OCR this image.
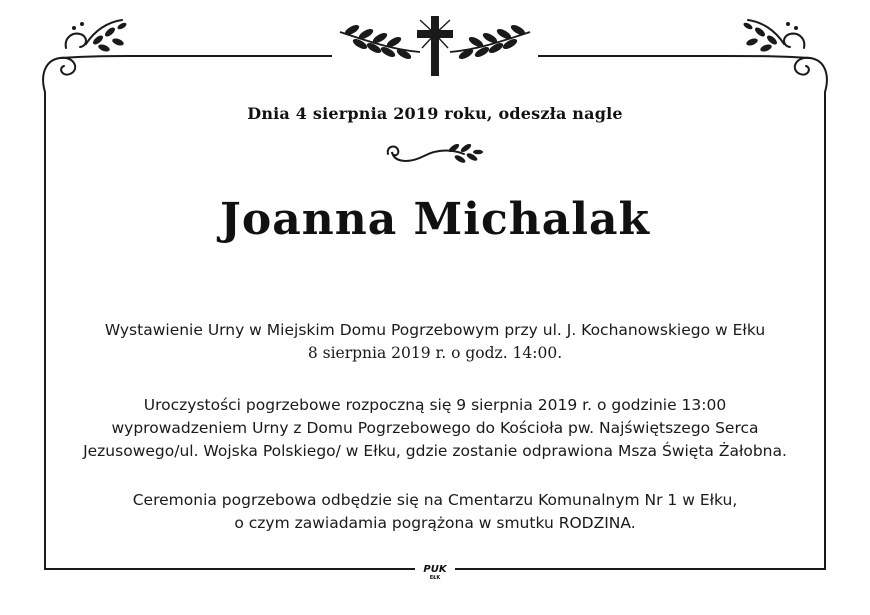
Dnia 4 sierpnia 2019 roku, odeszła nagle
Joanna Michalak
Wystawienie Urny w Miejskim Domu Pogrzebowym przy ul. J. Kochanowskiego w Ełku
8 sierpnia 2019 r. o godz. 14:00.
Uroczystości pogrzebowe rozpoczną się 9 sierpnia 2019 r. o godzinie 13:00
wyprowadzeniem Urny z Domu Pogrzebowego do Kościoła pw. Najświętszego Serca
Jezusowego/ul. Wojska Polskiego/ w Ełku, gdzie zostanie odprawiona Msza Święta Żałobna.
Ceremonia pogrzebowa odbędzie się na Cmentarzu Komunalnym Nr 1 w Ełku,
o czym zawiadamia pogrążona w smutku RODZINA.
PUK
EŁK
